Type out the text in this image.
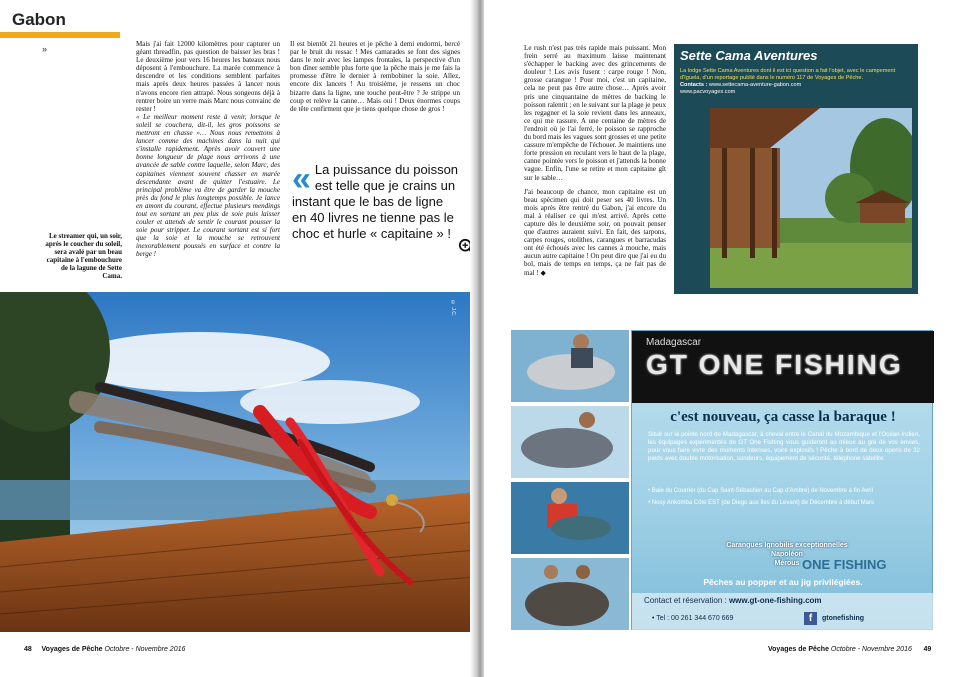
Gabon
»	Mais j'ai fait 12000 kilomètres pour capturer un géant threadfin, pas question de baisser les bras ! Le deuxième jour vers 16 heures les bateaux nous déposent à l'embouchure. La marée commence à descendre et les conditions semblent parfaites mais après deux heures passées à lancer nous n'avons encore rien attrapé. Nous songeons déjà à rentrer boire un verre mais Marc nous convainc de rester !

« Le meilleur moment reste à venir, lorsque le soleil se couchera, dit-il, les gros poissons se mettront en chasse »… Nous nous remettons à lancer comme des machines dans la nuit qui s'installe rapidement. Après avoir couvert une bonne longueur de plage nous arrivons à une avancée de sable contre laquelle, selon Marc, des capitaines viennent souvent chasser en marée descendante avant de quitter l'estuaire. Le principal problème va être de garder la mouche près du fond le plus longtemps possible. Je lance en amont du courant, effectue plusieurs mendings tout en sortant un peu plus de soie puis laisser couler et attends de sentir le courant pousser la soie pour stripper. Le courant sortant est si fort que la soie et la mouche se retrouvent inexorablement poussés en surface et contre la berge !

Il est bientôt 21 heures et je pêche à demi endormi, bercé par le bruit du ressac ! Mes camarades se font des signes dans le noir avec les lampes frontales, la perspective d'un bon dîner semble plus forte que la pêche mais je me fais la promesse d'être le dernier à rembobiner la soie. Allez, encore dix lancers ! Au troisième, je ressens un choc bizarre dans la ligne, une touche peut-être ? Je strippe un coup et relève la canne… Mais oui ! Deux énormes coups de tête confirment que je tiens quelque chose de gros !

« La puissance du poisson est telle que je crains un instant que le bas de ligne en 40 livres ne tienne pas le choc et hurle « capitaine » !
Le streamer qui, un soir, après le coucher du soleil, sera avalé par un beau capitaine à l'embouchure de la lagune de Sette Cama.
© J.C.
48 Voyages de Pêche Octobre - Novembre 2016

Le rush n'est pas très rapide mais puissant. Mon frein serré au maximum laisse maintenant s'échapper le backing avec des grincements de douleur ! Les avis fusent : carpe rouge ! Non, grosse carangue ! Pour moi, c'est un capitaine, cela ne peut pas être autre chose… Après avoir pris une cinquantaine de mètres de backing le poisson ralentit ; en le suivant sur la plage je peux les regagner et la soie revient dans les anneaux, ce qui me rassure. A une centaine de mètres de l'endroit où je l'ai ferré, le poisson se rapproche du bord mais les vagues sont grosses et une petite cassure m'empêche de l'échouer. Je maintiens une forte pression en reculant vers le haut de la plage, canne pointée vers le poisson et j'attends la bonne vague. Enfin, l'une se retire et mon capitaine gît sur le sable…

J'ai beaucoup de chance, mon capitaine est un beau spécimen qui doit peser ses 40 livres. Un mois après être rentré du Gabon, j'ai encore du mal à réaliser ce qui m'est arrivé. Après cette capture dès le deuxième soir, on pouvait penser que d'autres auraient suivi. En fait, des tarpons, carpes rouges, otolithes, carangues et barracudas ont été échoués avec les cannes à mouche, mais aucun autre capitaine ! On peut dire que j'ai eu du bol, mais de temps en temps, ça ne fait pas de mal ! ◆

Voyages de Pêche Octobre - Novembre 2016 49
Sette Cama Aventures
La lodge Sette Cama Aventures dont il est ici question a fait l'objet, avec le campement d'Iguela, d'un reportage publié dans le numéro 117 de Voyages de Pêche.
Contacts : www.settecama-aventure-gabon.com
www.pacvoyages.com
Madagascar
GT ONE FISHING
c'est nouveau, ça casse la baraque !
Situé sur la pointe nord de Madagascar, à cheval entre le Canal du Mozambique et l'Océan Indien, les équipages expérimentés de GT One Fishing vous guideront au mieux au gré de vos envies, pour vous faire vivre des moments intenses, voire explosifs ! Pêche à bord de deux opens de 32 pieds avec double motorisation, sondeurs, équipement de sécurité, téléphone satellite.
• Baie du Courrier (du Cap Saint-Sébastien au Cap d'Ambre) de Novembre à fin Avril
• Nosy Ankomba Côte EST (de Diego aux îles du Levant) de Décembre à début Mars
Carangues Ignobilis exceptionnelles
Napoléon
Mérous ONE FISHING
Pêches au popper et au jig privilégiées.
Contact et réservation : www.gt-one-fishing.com
• Tel : 00 261 344 670 669	f	gtonefishing
